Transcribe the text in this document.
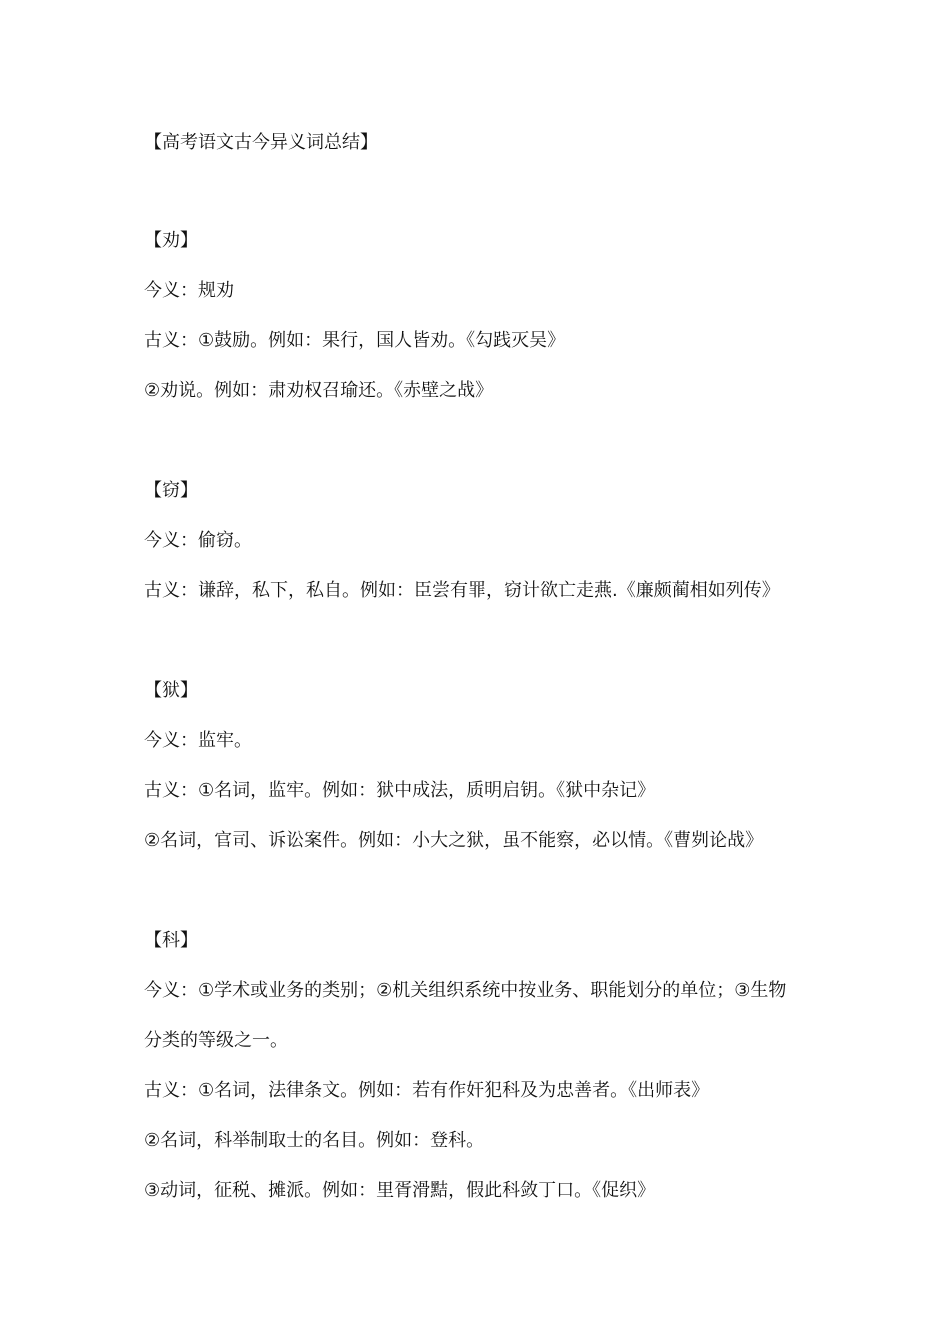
【高考语文古今异义词总结】
【劝】
今义：规劝
古义：①鼓励。例如：果行，国人皆劝。《勾践灭吴》
②劝说。例如：肃劝权召瑜还。《赤壁之战》
【窃】
今义：偷窃。
古义：谦辞，私下，私自。例如：臣尝有罪，窃计欲亡走燕.《廉颇蔺相如列传》
【狱】
今义：监牢。
古义：①名词，监牢。例如：狱中成法，质明启钥。《狱中杂记》
②名词，官司、诉讼案件。例如：小大之狱，虽不能察，必以情。《曹刿论战》
【科】
今义：①学术或业务的类别；②机关组织系统中按业务、职能划分的单位；③生物
分类的等级之一。
古义：①名词，法律条文。例如：若有作奸犯科及为忠善者。《出师表》
②名词，科举制取士的名目。例如：登科。
③动词，征税、摊派。例如：里胥滑黠，假此科敛丁口。《促织》
